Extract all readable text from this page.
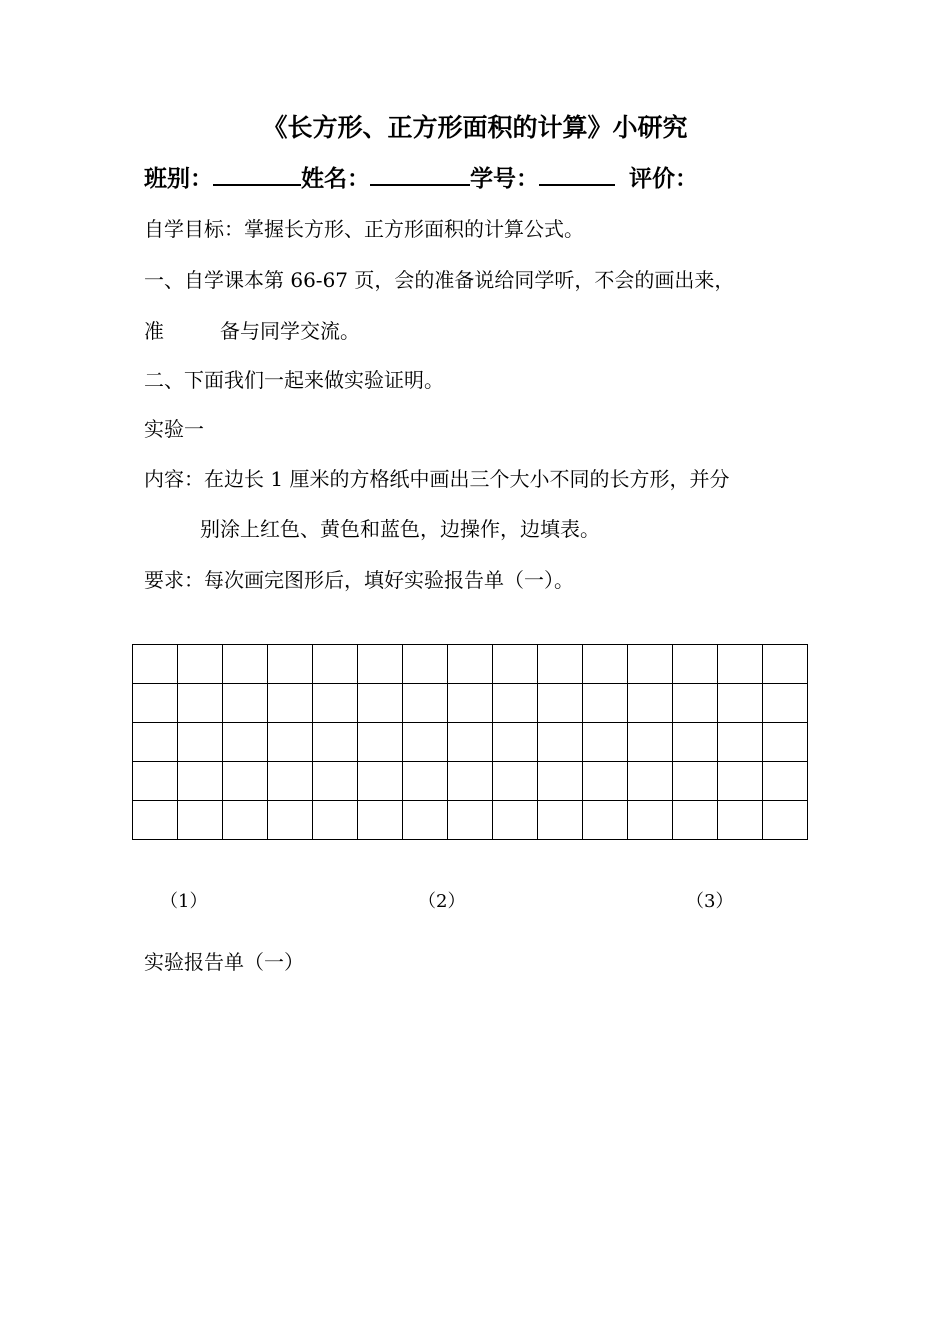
《长方形、正方形面积的计算》小研究
班别：	姓名：	学号：	评价：
自学目标：掌握长方形、正方形面积的计算公式。
一、自学课本第 66-67 页，会的准备说给同学听，不会的画出来，
准	备与同学交流。
二、下面我们一起来做实验证明。
实验一
内容：在边长 1 厘米的方格纸中画出三个大小不同的长方形，并分
别涂上红色、黄色和蓝色，边操作，边填表。
要求：每次画完图形后，填好实验报告单（一）。

（1）	（2）	（3）
实验报告单（一）
